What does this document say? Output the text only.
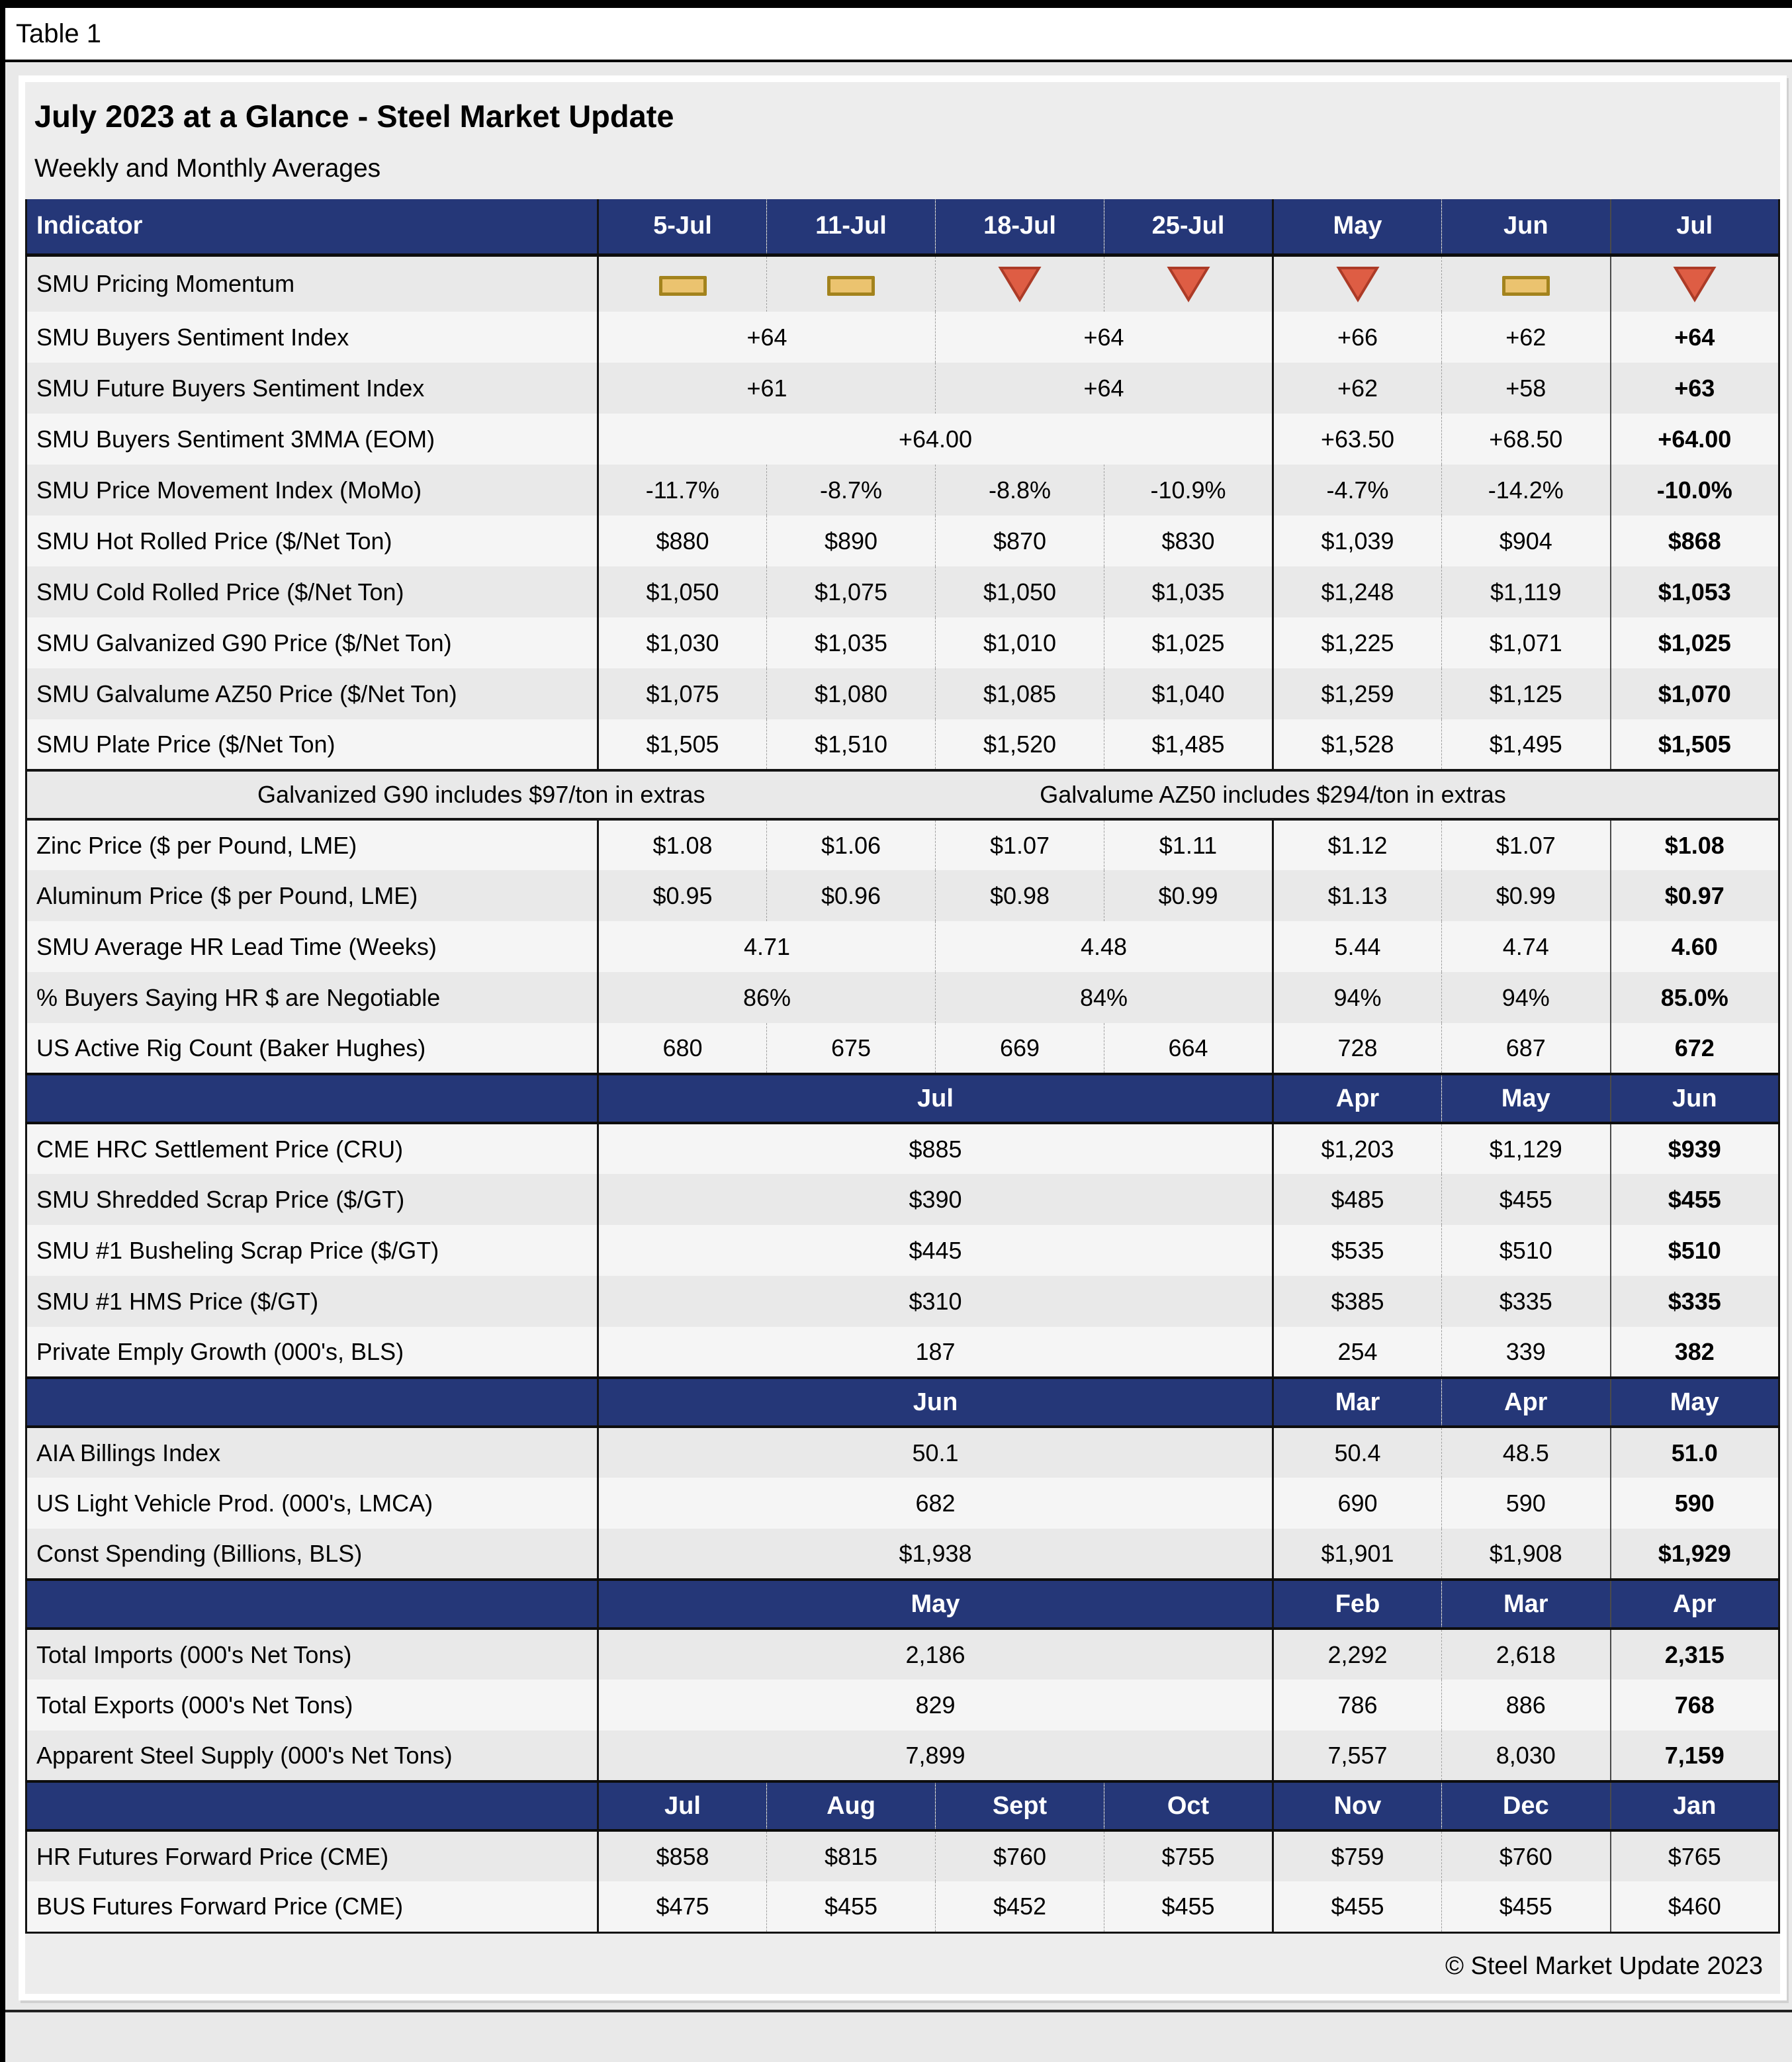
Table 1
July 2023 at a Glance - Steel Market Update
Weekly and Monthly Averages
Indicator	5-Jul	11-Jul	18-Jul	25-Jul	May	Jun	Jul
SMU Pricing Momentum							
SMU Buyers Sentiment Index	+64		+64		+66	+62	+64
SMU Future Buyers Sentiment Index	+61		+64		+62	+58	+63
SMU Buyers Sentiment 3MMA (EOM)	+64.00				+63.50	+68.50	+64.00
SMU Price Movement Index (MoMo)	-11.7%	-8.7%	-8.8%	-10.9%	-4.7%	-14.2%	-10.0%
SMU Hot Rolled Price ($/Net Ton)	$880	$890	$870	$830	$1,039	$904	$868
SMU Cold Rolled Price ($/Net Ton)	$1,050	$1,075	$1,050	$1,035	$1,248	$1,119	$1,053
SMU Galvanized G90 Price ($/Net Ton)	$1,030	$1,035	$1,010	$1,025	$1,225	$1,071	$1,025
SMU Galvalume AZ50 Price ($/Net Ton)	$1,075	$1,080	$1,085	$1,040	$1,259	$1,125	$1,070
SMU Plate Price ($/Net Ton)	$1,505	$1,510	$1,520	$1,485	$1,528	$1,495	$1,505
Galvanized G90 includes $97/ton in extras			Galvalume AZ50 includes $294/ton in extras				
Zinc Price ($ per Pound, LME)	$1.08	$1.06	$1.07	$1.11	$1.12	$1.07	$1.08
Aluminum Price ($ per Pound, LME)	$0.95	$0.96	$0.98	$0.99	$1.13	$0.99	$0.97
SMU Average HR Lead Time (Weeks)	4.71		4.48		5.44	4.74	4.60
% Buyers Saying HR $ are Negotiable	86%		84%		94%	94%	85.0%
US Active Rig Count (Baker Hughes)	680	675	669	664	728	687	672
	Jul				Apr	May	Jun
CME HRC Settlement Price (CRU)	$885				$1,203	$1,129	$939
SMU Shredded Scrap Price ($/GT)	$390				$485	$455	$455
SMU #1 Busheling Scrap Price ($/GT)	$445				$535	$510	$510
SMU #1 HMS Price ($/GT)	$310				$385	$335	$335
Private Emply Growth (000's, BLS)	187				254	339	382
	Jun				Mar	Apr	May
AIA Billings Index	50.1				50.4	48.5	51.0
US Light Vehicle Prod. (000's, LMCA)	682				690	590	590
Const Spending (Billions, BLS)	$1,938				$1,901	$1,908	$1,929
	May				Feb	Mar	Apr
Total Imports (000's Net Tons)	2,186				2,292	2,618	2,315
Total Exports (000's Net Tons)	829				786	886	768
Apparent Steel Supply (000's Net Tons)	7,899				7,557	8,030	7,159
	Jul	Aug	Sept	Oct	Nov	Dec	Jan
HR Futures Forward Price (CME)	$858	$815	$760	$755	$759	$760	$765
BUS Futures Forward Price (CME)	$475	$455	$452	$455	$455	$455	$460
© Steel Market Update 2023
